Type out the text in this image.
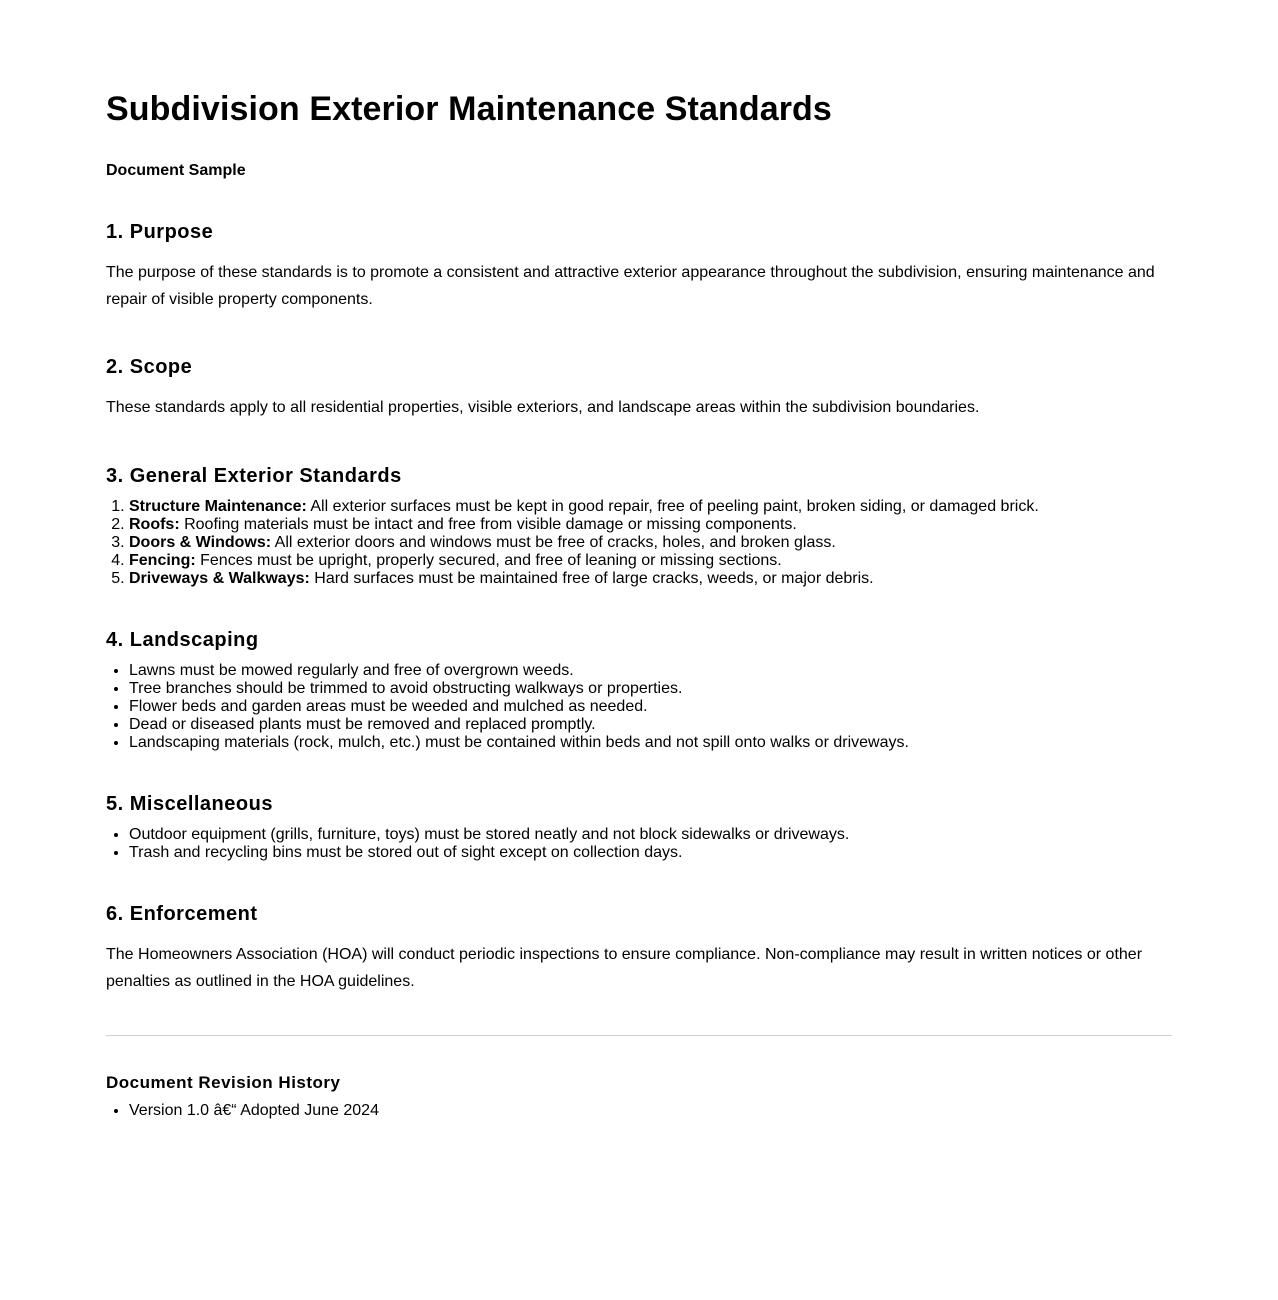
Subdivision Exterior Maintenance Standards
Document Sample
1. Purpose

The purpose of these standards is to promote a consistent and attractive exterior appearance throughout the subdivision, ensuring maintenance and repair of visible property components.

2. Scope

These standards apply to all residential properties, visible exteriors, and landscape areas within the subdivision boundaries.

3. General Exterior Standards
1. Structure Maintenance: All exterior surfaces must be kept in good repair, free of peeling paint, broken siding, or damaged brick.
2. Roofs: Roofing materials must be intact and free from visible damage or missing components.
3. Doors & Windows: All exterior doors and windows must be free of cracks, holes, and broken glass.
4. Fencing: Fences must be upright, properly secured, and free of leaning or missing sections.
5. Driveways & Walkways: Hard surfaces must be maintained free of large cracks, weeds, or major debris.
4. Landscaping
• Lawns must be mowed regularly and free of overgrown weeds.
• Tree branches should be trimmed to avoid obstructing walkways or properties.
• Flower beds and garden areas must be weeded and mulched as needed.
• Dead or diseased plants must be removed and replaced promptly.
• Landscaping materials (rock, mulch, etc.) must be contained within beds and not spill onto walks or driveways.
5. Miscellaneous
• Outdoor equipment (grills, furniture, toys) must be stored neatly and not block sidewalks or driveways.
• Trash and recycling bins must be stored out of sight except on collection days.
6. Enforcement

The Homeowners Association (HOA) will conduct periodic inspections to ensure compliance. Non-compliance may result in written notices or other penalties as outlined in the HOA guidelines.

Document Revision History
• Version 1.0 â€“ Adopted June 2024
